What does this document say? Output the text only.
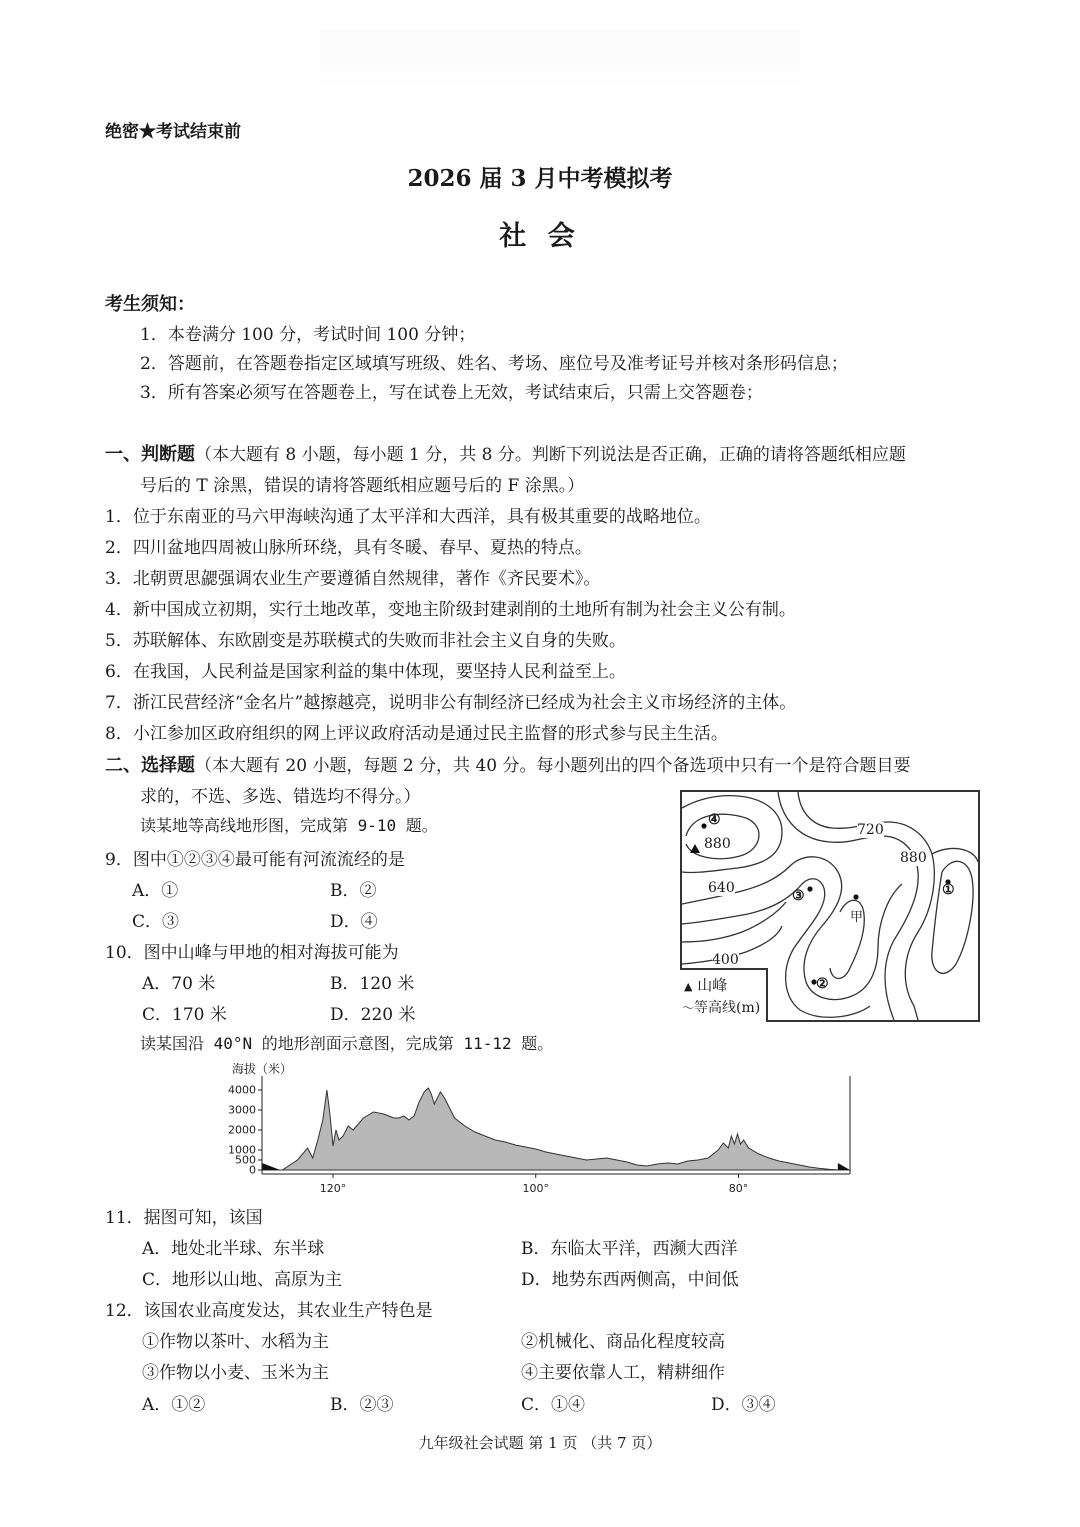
绝密★考试结束前
2026 届 3 月中考模拟考
社 会
考生须知：
1．本卷满分 100 分，考试时间 100 分钟；
2．答题前，在答题卷指定区域填写班级、姓名、考场、座位号及准考证号并核对条形码信息；
3．所有答案必须写在答题卷上，写在试卷上无效，考试结束后，只需上交答题卷；
一、判断题（本大题有 8 小题，每小题 1 分，共 8 分。判断下列说法是否正确，正确的请将答题纸相应题
号后的 T 涂黑，错误的请将答题纸相应题号后的 F 涂黑。）
1．位于东南亚的马六甲海峡沟通了太平洋和大西洋，具有极其重要的战略地位。
2．四川盆地四周被山脉所环绕，具有冬暖、春早、夏热的特点。
3．北朝贾思勰强调农业生产要遵循自然规律，著作《齐民要术》。
4．新中国成立初期，实行土地改革，变地主阶级封建剥削的土地所有制为社会主义公有制。
5．苏联解体、东欧剧变是苏联模式的失败而非社会主义自身的失败。
6．在我国，人民利益是国家利益的集中体现，要坚持人民利益至上。
7．浙江民营经济“金名片”越擦越亮，说明非公有制经济已经成为社会主义市场经济的主体。
8．小江参加区政府组织的网上评议政府活动是通过民主监督的形式参与民主生活。
二、选择题（本大题有 20 小题，每题 2 分，共 40 分。每小题列出的四个备选项中只有一个是符合题目要
求的，不选、多选、错选均不得分。）
读某地等高线地形图，完成第 9-10 题。
9．图中①②③④最可能有河流流经的是
A．①	B．②
C．③	D．④
10．图中山峰与甲地的相对海拔可能为
A．70 米	B．120 米
C．170 米	D．220 米
读某国沿 40°N 的地形剖面示意图，完成第 11-12 题。
④
880
720
880
640	③	①
甲
②
400
▲ 山峰
〜等高线(m)
海拔（米）
4000
3000
2000
1000
500
0
120°	100°	80°
11．据图可知，该国
A．地处北半球、东半球	B．东临太平洋，西濒大西洋
C．地形以山地、高原为主	D．地势东西两侧高，中间低
12．该国农业高度发达，其农业生产特色是
①作物以茶叶、水稻为主	②机械化、商品化程度较高
③作物以小麦、玉米为主	④主要依靠人工，精耕细作
A．①②	B．②③	C．①④	D．③④
九年级社会试题 第 1 页 （共 7 页）
